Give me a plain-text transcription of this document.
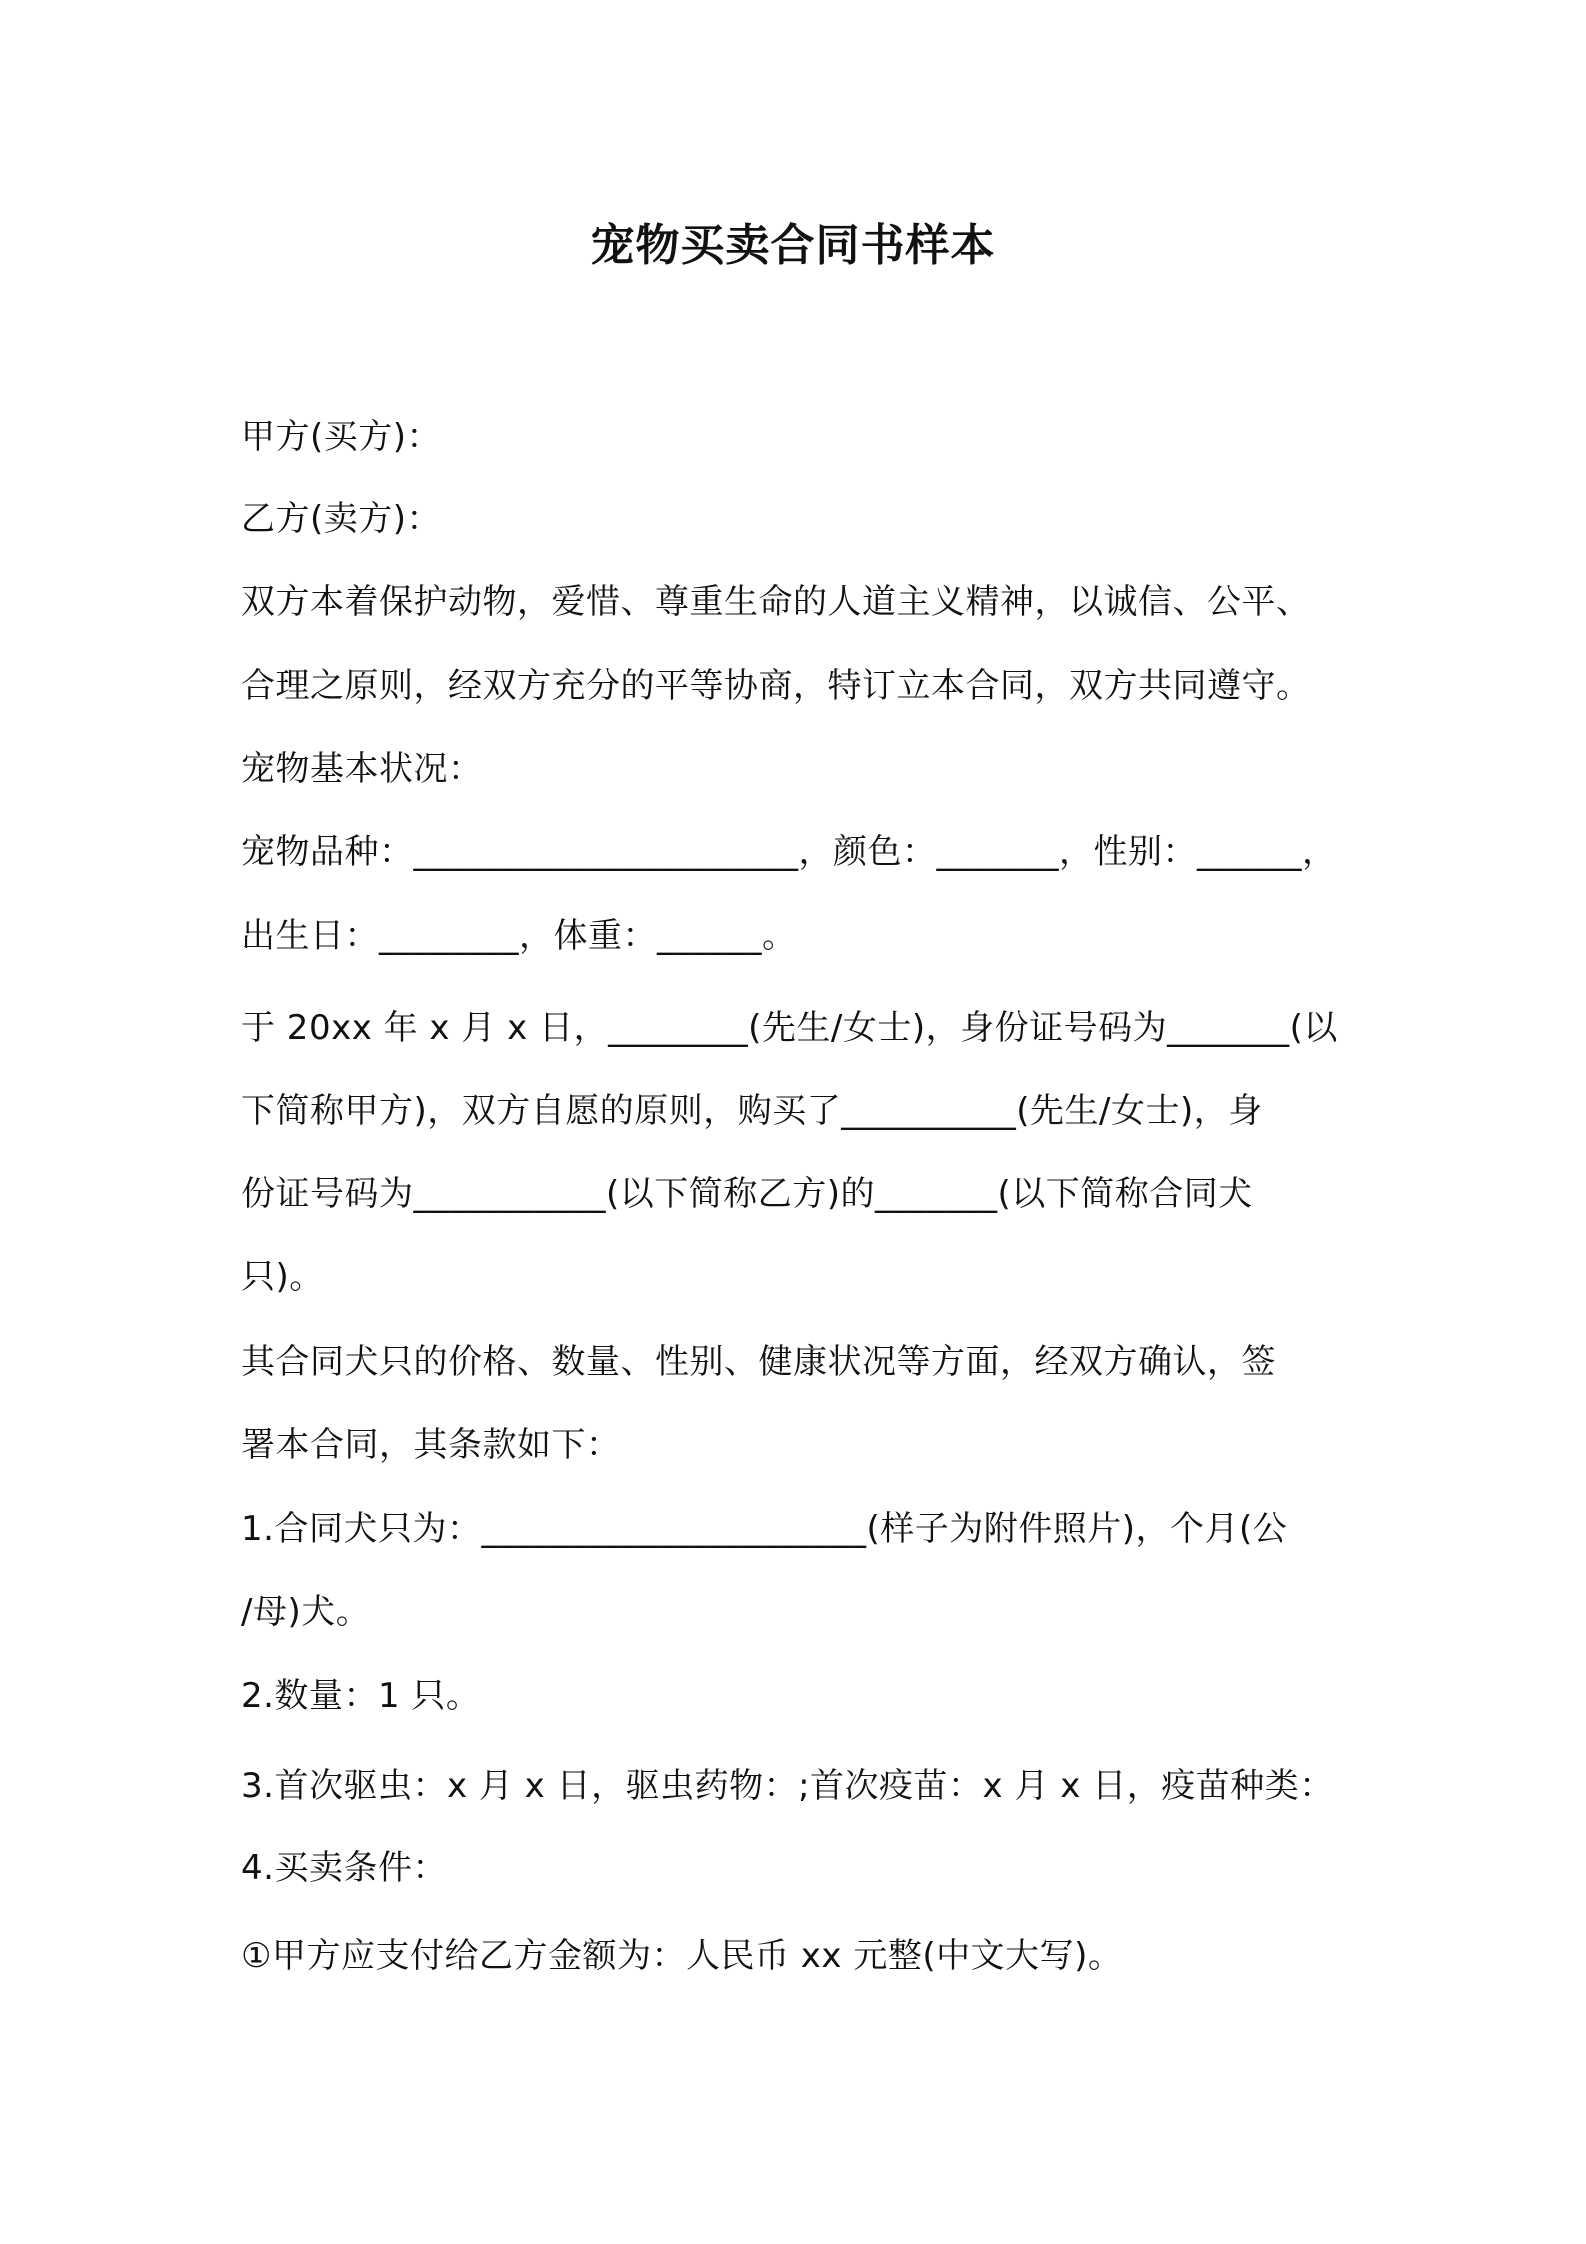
宠物买卖合同书样本
甲方(买方)：
乙方(卖方)：
双方本着保护动物，爱惜、尊重生命的人道主义精神，以诚信、公平、
合理之原则，经双方充分的平等协商，特订立本合同，双方共同遵守。
宠物基本状况：
宠物品种：______________________，颜色：_______，性别：______，
出生日：________，体重：______。
于 20xx 年 x 月 x 日，________(先生/女士)，身份证号码为_______(以
下简称甲方)，双方自愿的原则，购买了__________(先生/女士)，身
份证号码为___________(以下简称乙方)的_______(以下简称合同犬
只)。
其合同犬只的价格、数量、性别、健康状况等方面，经双方确认，签
署本合同，其条款如下：
1.合同犬只为：______________________(样子为附件照片)，个月(公
/母)犬。
2.数量：1 只。
3.首次驱虫：x 月 x 日，驱虫药物：;首次疫苗：x 月 x 日，疫苗种类：
4.买卖条件：
①甲方应支付给乙方金额为：人民币 xx 元整(中文大写)。
